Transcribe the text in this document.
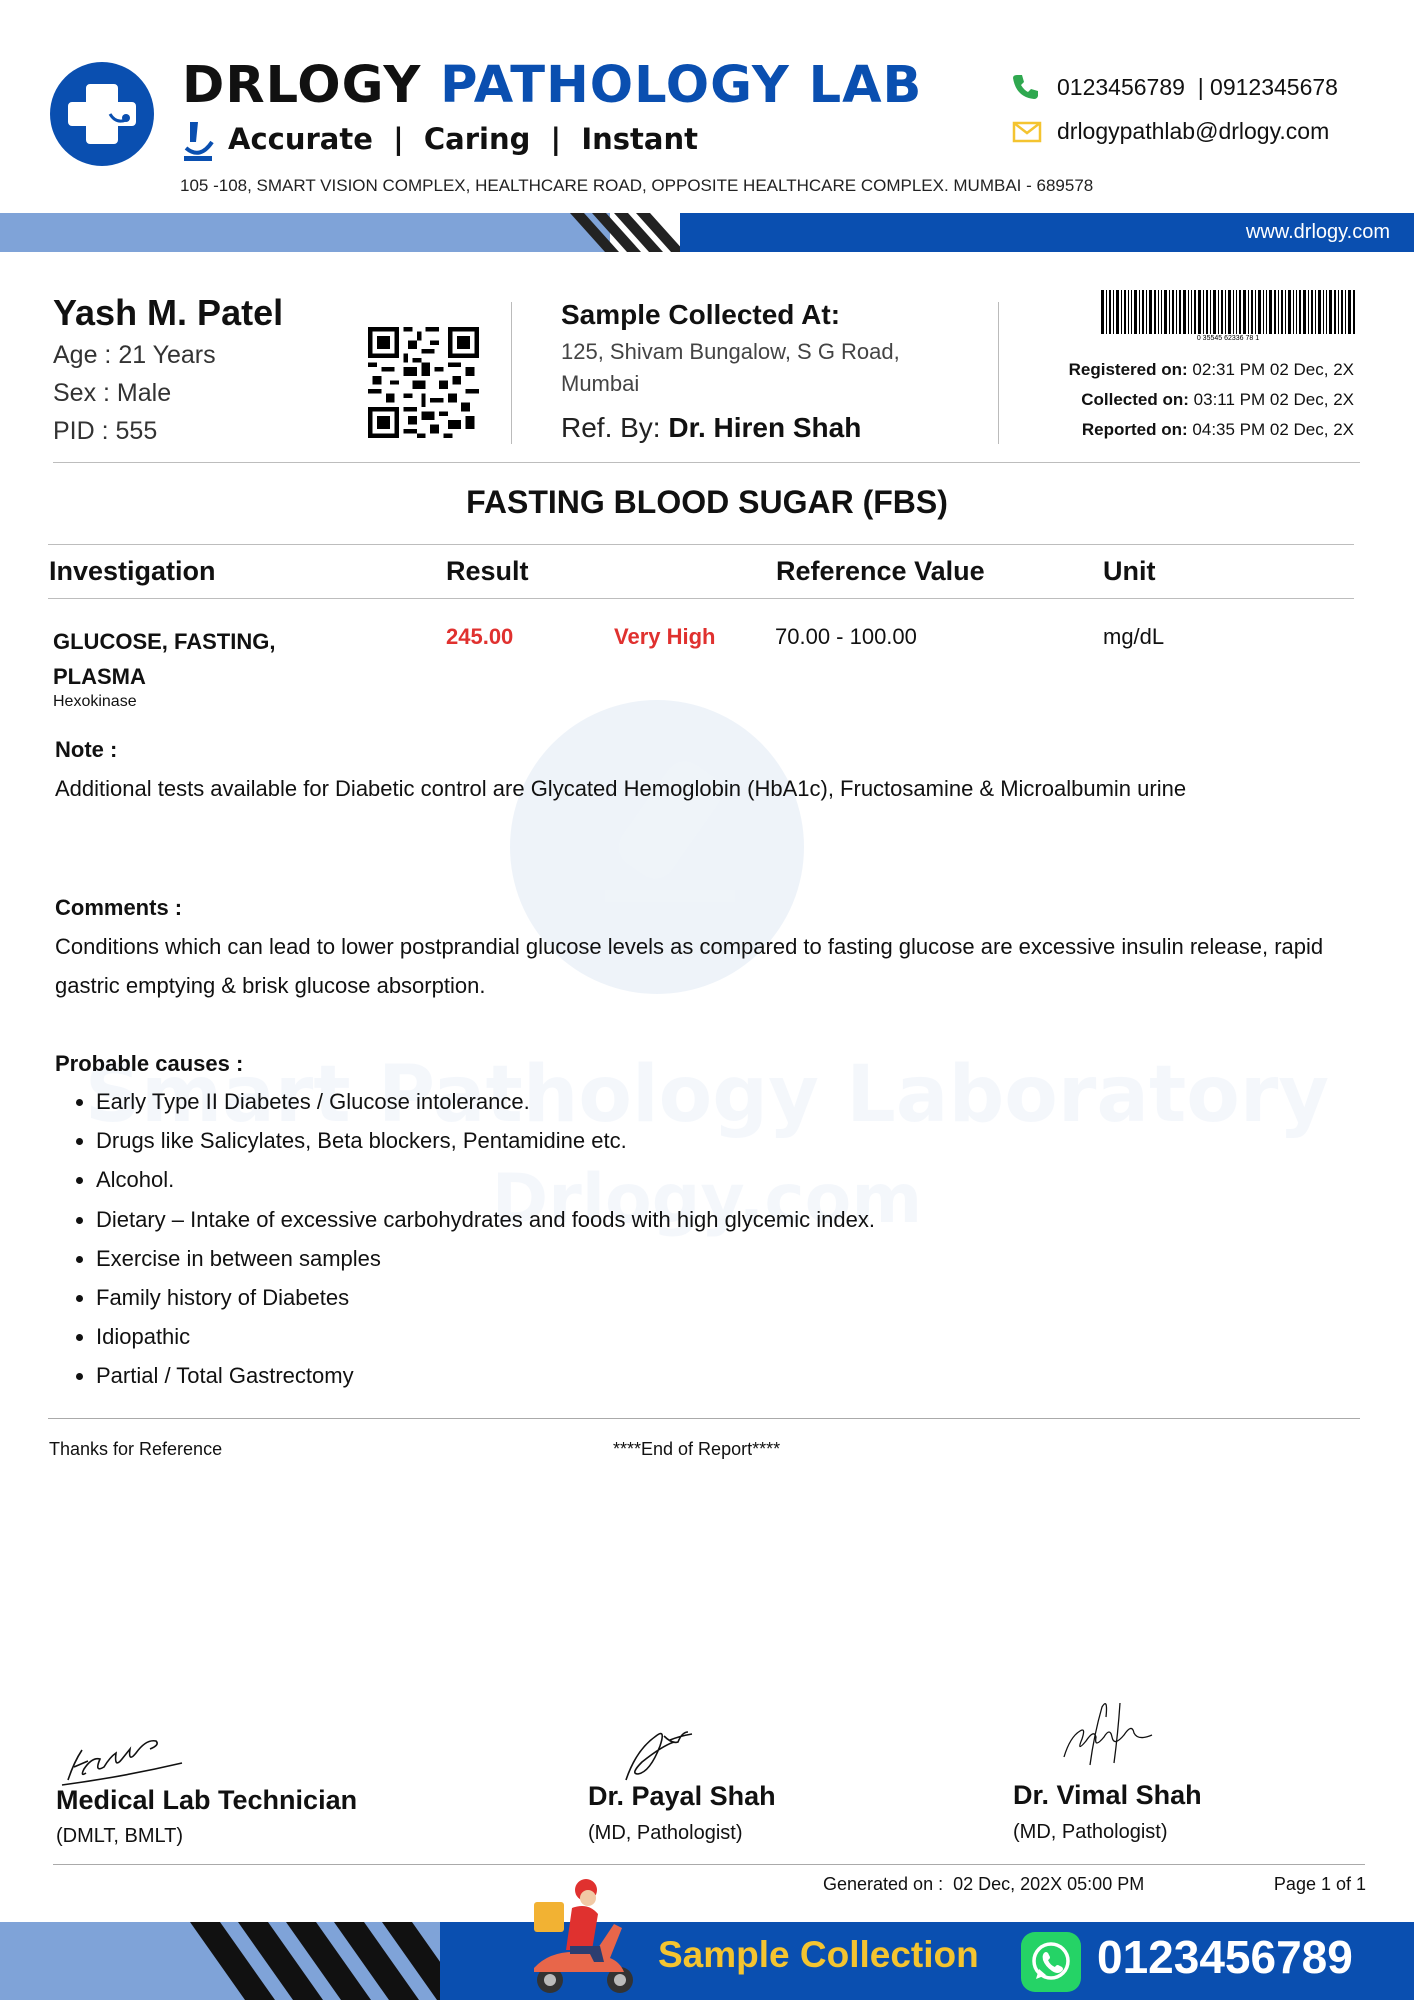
DRLOGY PATHOLOGY LAB
Accurate  |  Caring  |  Instant
105 -108, SMART VISION COMPLEX, HEALTHCARE ROAD, OPPOSITE HEALTHCARE COMPLEX. MUMBAI - 689578
0123456789  | 0912345678
drlogypathlab@drlogy.com
www.drlogy.com
Yash M. Patel
Age : 21 Years
Sex : Male
PID : 555
Sample Collected At:
125, Shivam Bungalow, S G Road, Mumbai
Ref. By: Dr. Hiren Shah
0 35545 62336 78 1
Registered on: 02:31 PM 02 Dec, 2X
Collected on: 03:11 PM 02 Dec, 2X
Reported on: 04:35 PM 02 Dec, 2X
FASTING BLOOD SUGAR (FBS)
Investigation	Result	Reference Value	Unit
GLUCOSE, FASTING,
PLASMA
Hexokinase
245.00	Very High	70.00 - 100.00	mg/dL
Note :
Additional tests available for Diabetic control are Glycated Hemoglobin (HbA1c), Fructosamine & Microalbumin urine
Comments :
Conditions which can lead to lower postprandial glucose levels as compared to fasting glucose are excessive insulin release, rapid gastric emptying & brisk glucose absorption.
Probable causes :
• Early Type II Diabetes / Glucose intolerance.
• Drugs like Salicylates, Beta blockers, Pentamidine etc.
• Alcohol.
• Dietary – Intake of excessive carbohydrates and foods with high glycemic index.
• Exercise in between samples
• Family history of Diabetes
• Idiopathic
• Partial / Total Gastrectomy
Thanks for Reference	****End of Report****
Medical Lab Technician
(DMLT, BMLT)
Dr. Payal Shah
(MD, Pathologist)
Dr. Vimal Shah
(MD, Pathologist)
Generated on :  02 Dec, 202X 05:00 PM	Page 1 of 1
Sample Collection	0123456789
